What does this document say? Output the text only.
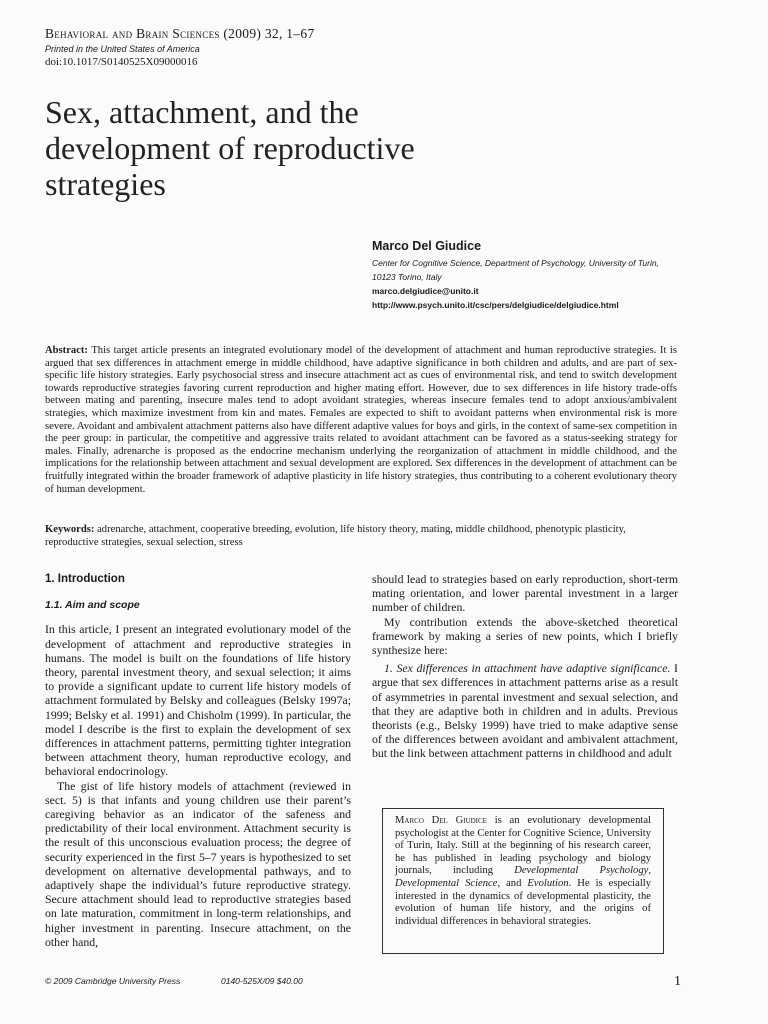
Behavioral and Brain Sciences (2009) 32, 1–67
Printed in the United States of America
doi:10.1017/S0140525X09000016
Sex, attachment, and the development of reproductive strategies
Marco Del Giudice
Center for Cognitive Science, Department of Psychology, University of Turin,
10123 Torino, Italy
marco.delgiudice@unito.it
http://www.psych.unito.it/csc/pers/delgiudice/delgiudice.html
Abstract: This target article presents an integrated evolutionary model of the development of attachment and human reproductive strategies. It is argued that sex differences in attachment emerge in middle childhood, have adaptive significance in both children and adults, and are part of sex-specific life history strategies. Early psychosocial stress and insecure attachment act as cues of environmental risk, and tend to switch development towards reproductive strategies favoring current reproduction and higher mating effort. However, due to sex differences in life history trade-offs between mating and parenting, insecure males tend to adopt avoidant strategies, whereas insecure females tend to adopt anxious/ambivalent strategies, which maximize investment from kin and mates. Females are expected to shift to avoidant patterns when environmental risk is more severe. Avoidant and ambivalent attachment patterns also have different adaptive values for boys and girls, in the context of same-sex competition in the peer group: in particular, the competitive and aggressive traits related to avoidant attachment can be favored as a status-seeking strategy for males. Finally, adrenarche is proposed as the endocrine mechanism underlying the reorganization of attachment in middle childhood, and the implications for the relationship between attachment and sexual development are explored. Sex differences in the development of attachment can be fruitfully integrated within the broader framework of adaptive plasticity in life history strategies, thus contributing to a coherent evolutionary theory of human development.
Keywords: adrenarche, attachment, cooperative breeding, evolution, life history theory, mating, middle childhood, phenotypic plasticity, reproductive strategies, sexual selection, stress
1. Introduction
1.1. Aim and scope

In this article, I present an integrated evolutionary model of the development of attachment and reproductive strategies in humans. The model is built on the foundations of life history theory, parental investment theory, and sexual selection; it aims to provide a significant update to current life history models of attachment formulated by Belsky and colleagues (Belsky 1997a; 1999; Belsky et al. 1991) and Chisholm (1999). In particular, the model I describe is the first to explain the development of sex differences in attachment patterns, permitting tighter integration between attachment theory, human reproductive ecology, and behavioral endocrinology.

The gist of life history models of attachment (reviewed in sect. 5) is that infants and young children use their parent’s caregiving behavior as an indicator of the safeness and predictability of their local environment. Attachment security is the result of this unconscious evaluation process; the degree of security experienced in the first 5–7 years is hypothesized to set development on alternative developmental pathways, and to adaptively shape the individual’s future reproductive strategy. Secure attachment should lead to reproductive strategies based on late maturation, commitment in long-term relationships, and higher investment in parenting. Insecure attachment, on the other hand,

should lead to strategies based on early reproduction, short-term mating orientation, and lower parental investment in a larger number of children.

My contribution extends the above-sketched theoretical framework by making a series of new points, which I briefly synthesize here:

1. Sex differences in attachment have adaptive significance. I argue that sex differences in attachment patterns arise as a result of asymmetries in parental investment and sexual selection, and that they are adaptive both in children and in adults. Previous theorists (e.g., Belsky 1999) have tried to make adaptive sense of the differences between avoidant and ambivalent attachment, but the link between attachment patterns in childhood and adult

Marco Del Giudice is an evolutionary developmental psychologist at the Center for Cognitive Science, University of Turin, Italy. Still at the beginning of his research career, he has published in leading psychology and biology journals, including Developmental Psychology, Developmental Science, and Evolution. He is especially interested in the dynamics of developmental plasticity, the evolution of human life history, and the origins of individual differences in behavioral strategies.
© 2009 Cambridge University Press	0140-525X/09 $40.00	1
